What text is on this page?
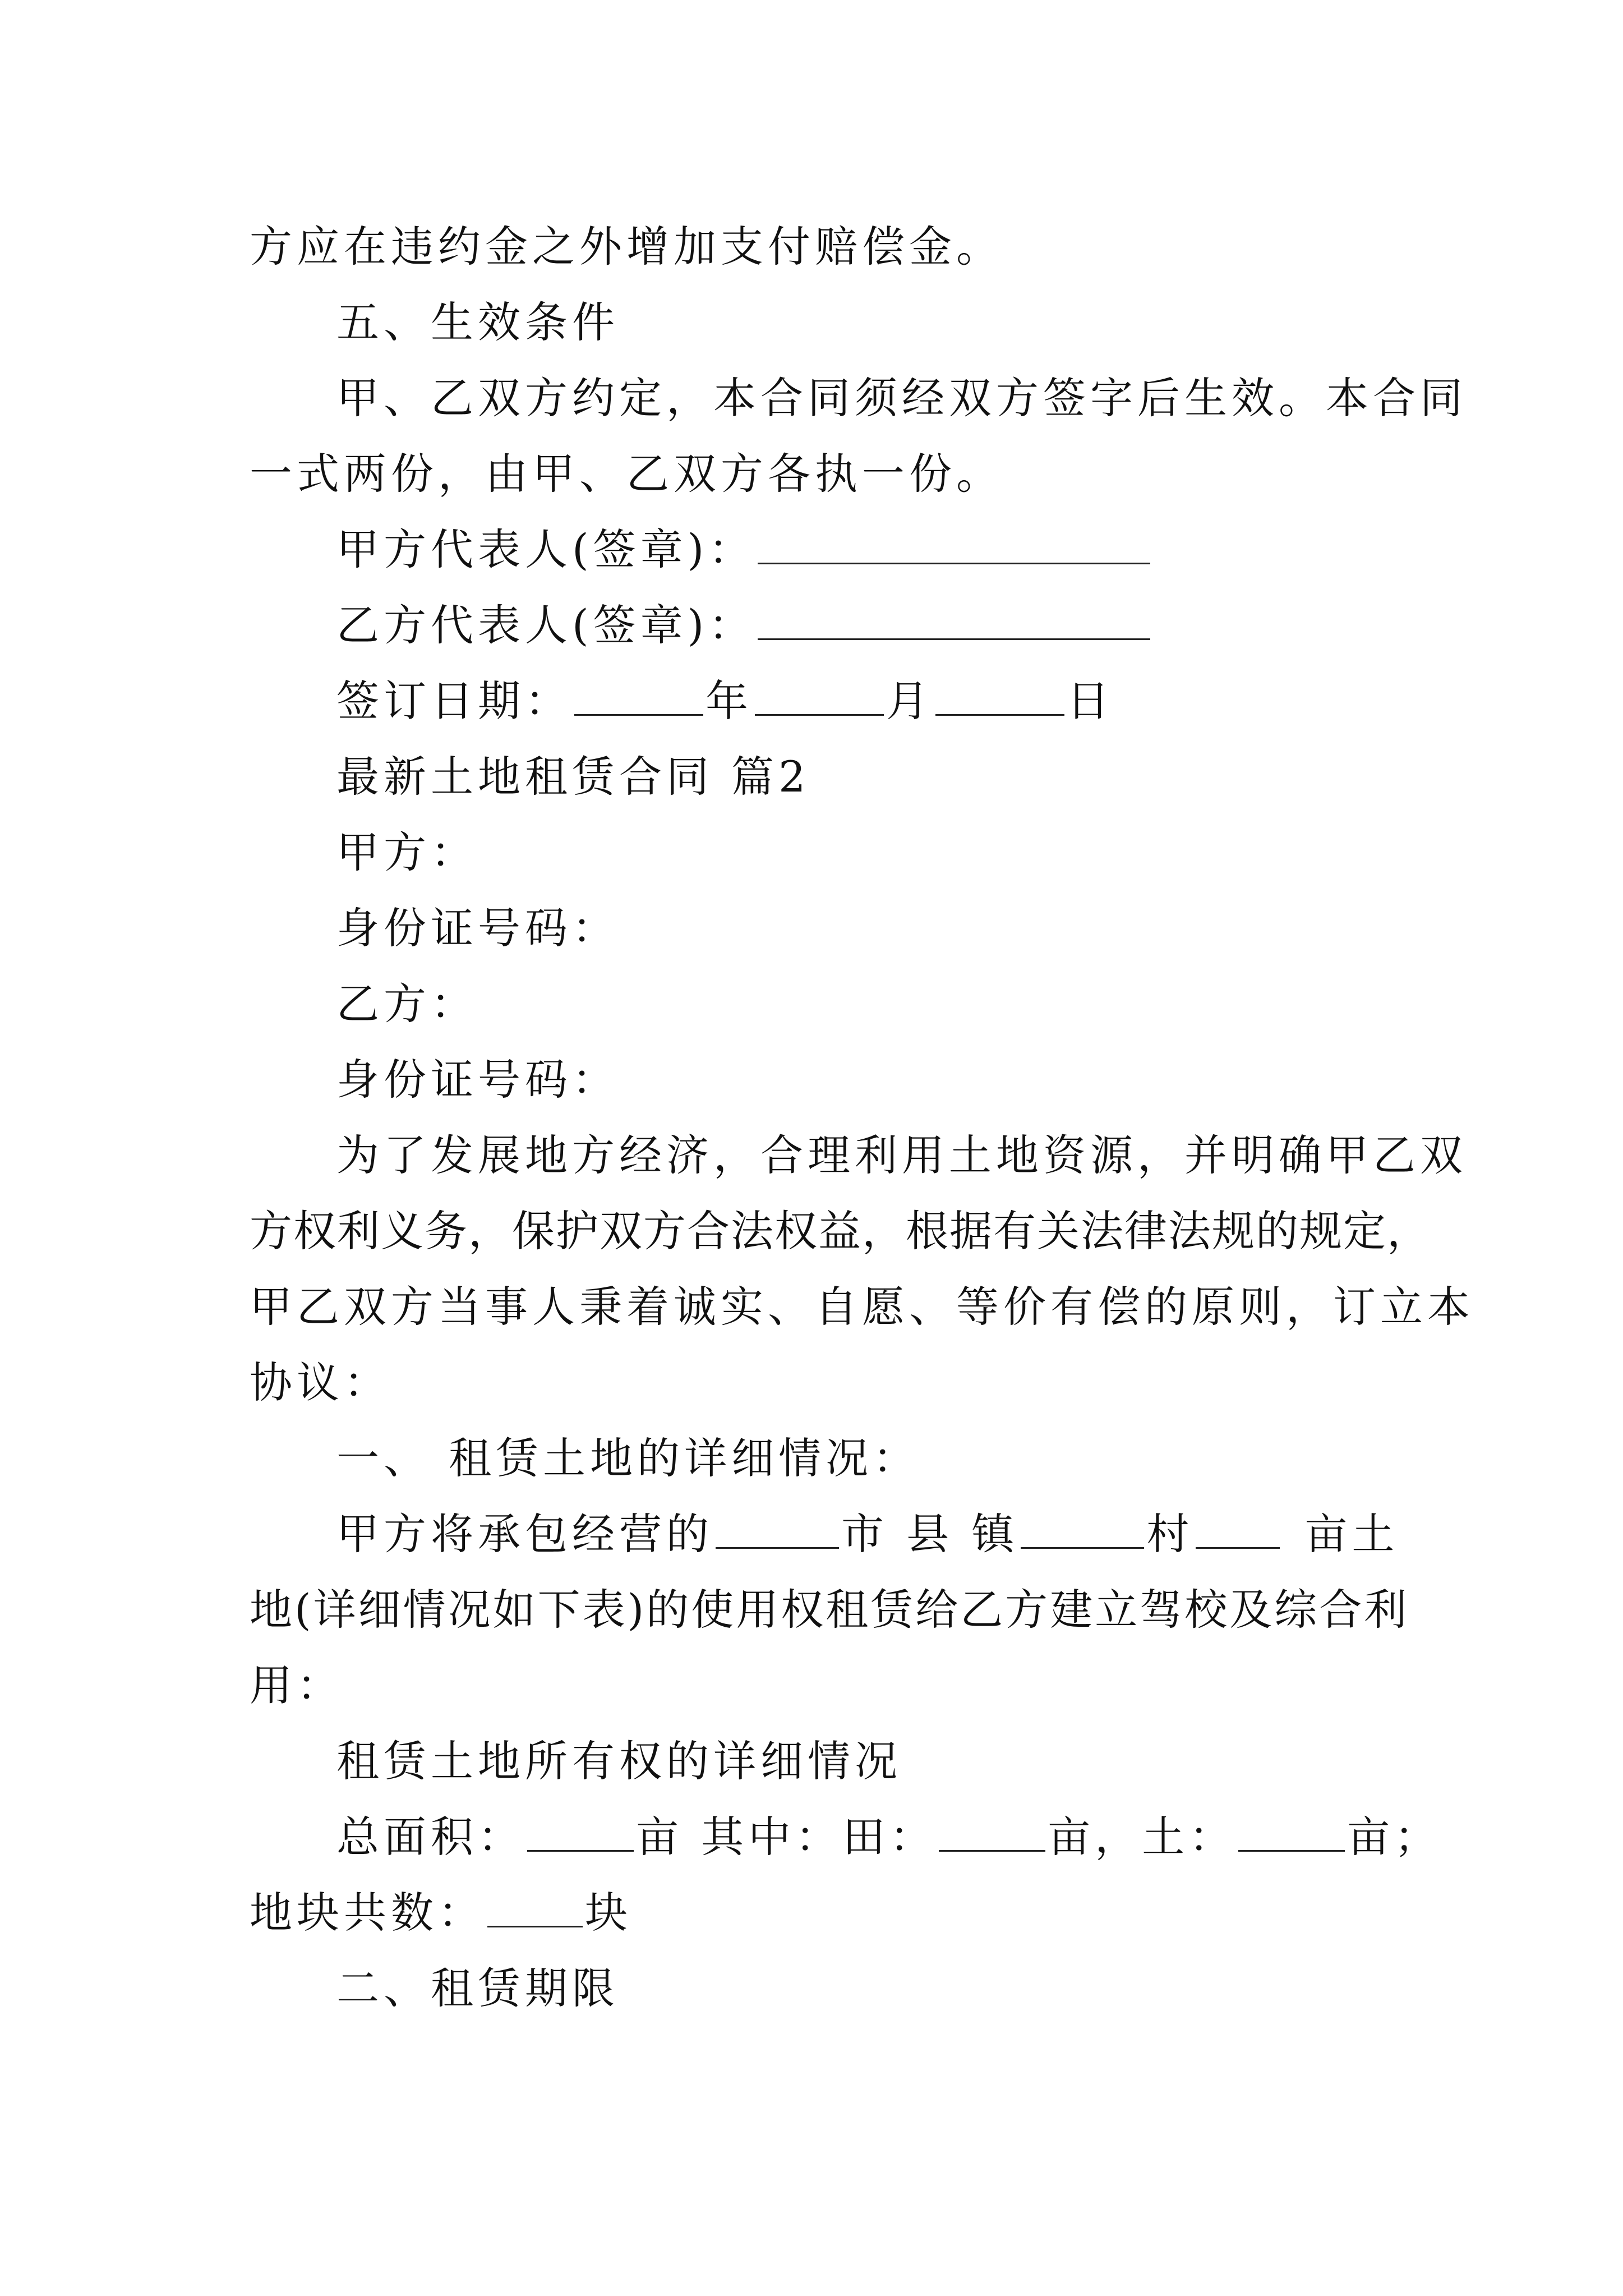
方应在违约金之外增加支付赔偿金。
五、生效条件
甲、乙双方约定，本合同须经双方签字后生效。本合同
一式两份，由甲、乙双方各执一份。
甲方代表人(签章)：
乙方代表人(签章)：
签订日期：	年	月	日
最新土地租赁合同 篇2
甲方：
身份证号码：
乙方：
身份证号码：
为了发展地方经济，合理利用土地资源，并明确甲乙双
方权利义务，保护双方合法权益，根据有关法律法规的规定，
甲乙双方当事人秉着诚实、自愿、等价有偿的原则，订立本
协议：
一、 租赁土地的详细情况：
甲方将承包经营的	市 县 镇	村	亩土
地(详细情况如下表)的使用权租赁给乙方建立驾校及综合利
用：
租赁土地所有权的详细情况
总面积：	亩 其中：田：	亩，土：	亩；
地块共数： 块
二、租赁期限
